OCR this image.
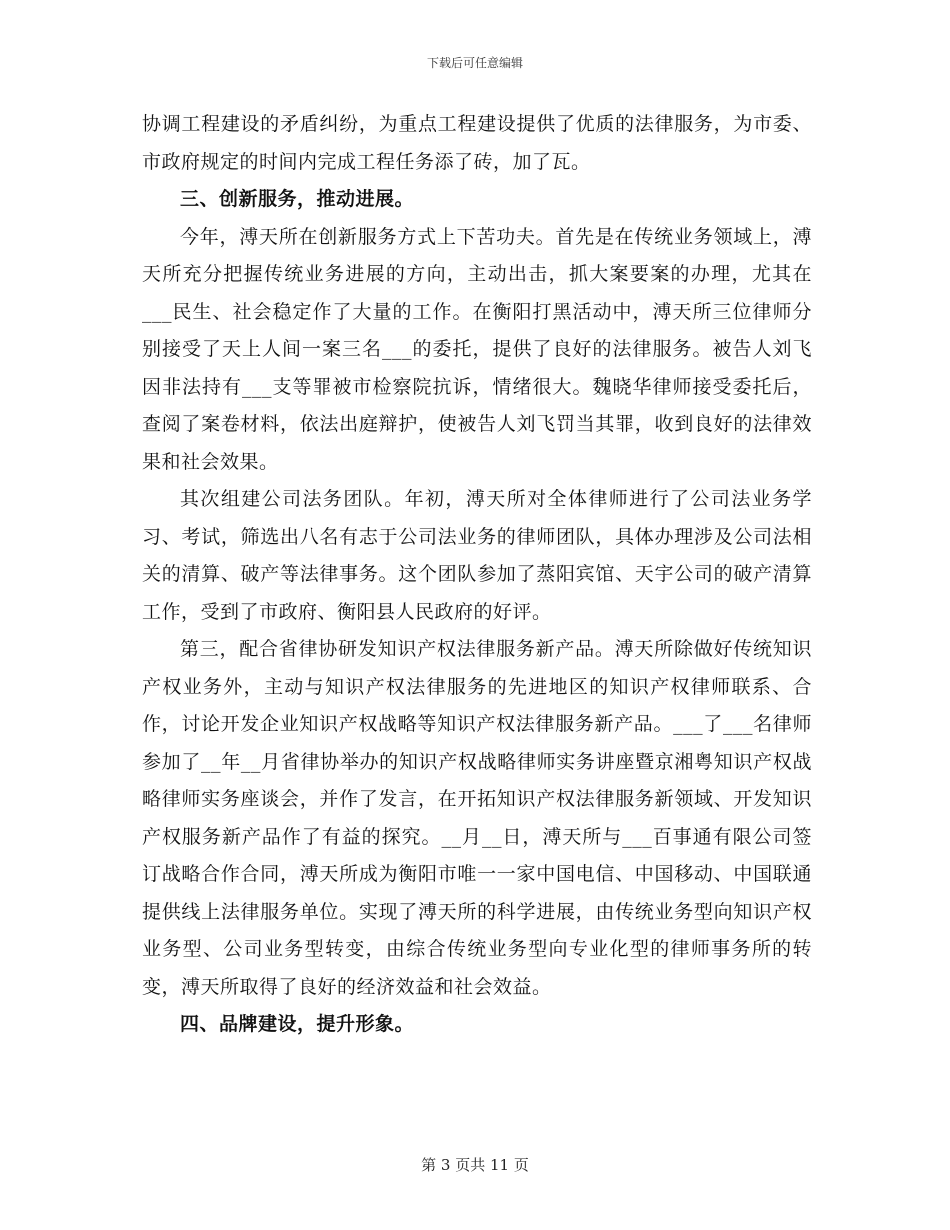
下载后可任意编辑

协调工程建设的矛盾纠纷，为重点工程建设提供了优质的法律服务，为市委、市政府规定的时间内完成工程任务添了砖，加了瓦。

三、创新服务，推动进展。

今年，溥天所在创新服务方式上下苦功夫。首先是在传统业务领域上，溥天所充分把握传统业务进展的方向，主动出击，抓大案要案的办理，尤其在___民生、社会稳定作了大量的工作。在衡阳打黑活动中，溥天所三位律师分别接受了天上人间一案三名___的委托，提供了良好的法律服务。被告人刘飞因非法持有___支等罪被市检察院抗诉，情绪很大。魏晓华律师接受委托后，查阅了案卷材料，依法出庭辩护，使被告人刘飞罚当其罪，收到良好的法律效果和社会效果。

其次组建公司法务团队。年初，溥天所对全体律师进行了公司法业务学习、考试，筛选出八名有志于公司法业务的律师团队，具体办理涉及公司法相关的清算、破产等法律事务。这个团队参加了蒸阳宾馆、天宇公司的破产清算工作，受到了市政府、衡阳县人民政府的好评。

第三，配合省律协研发知识产权法律服务新产品。溥天所除做好传统知识产权业务外，主动与知识产权法律服务的先进地区的知识产权律师联系、合作，讨论开发企业知识产权战略等知识产权法律服务新产品。___了___名律师参加了__年__月省律协举办的知识产权战略律师实务讲座暨京湘粤知识产权战略律师实务座谈会，并作了发言，在开拓知识产权法律服务新领域、开发知识产权服务新产品作了有益的探究。__月__日，溥天所与___百事通有限公司签订战略合作合同，溥天所成为衡阳市唯一一家中国电信、中国移动、中国联通提供线上法律服务单位。实现了溥天所的科学进展，由传统业务型向知识产权业务型、公司业务型转变，由综合传统业务型向专业化型的律师事务所的转变，溥天所取得了良好的经济效益和社会效益。

四、品牌建设，提升形象。

第 3 页共 11 页
